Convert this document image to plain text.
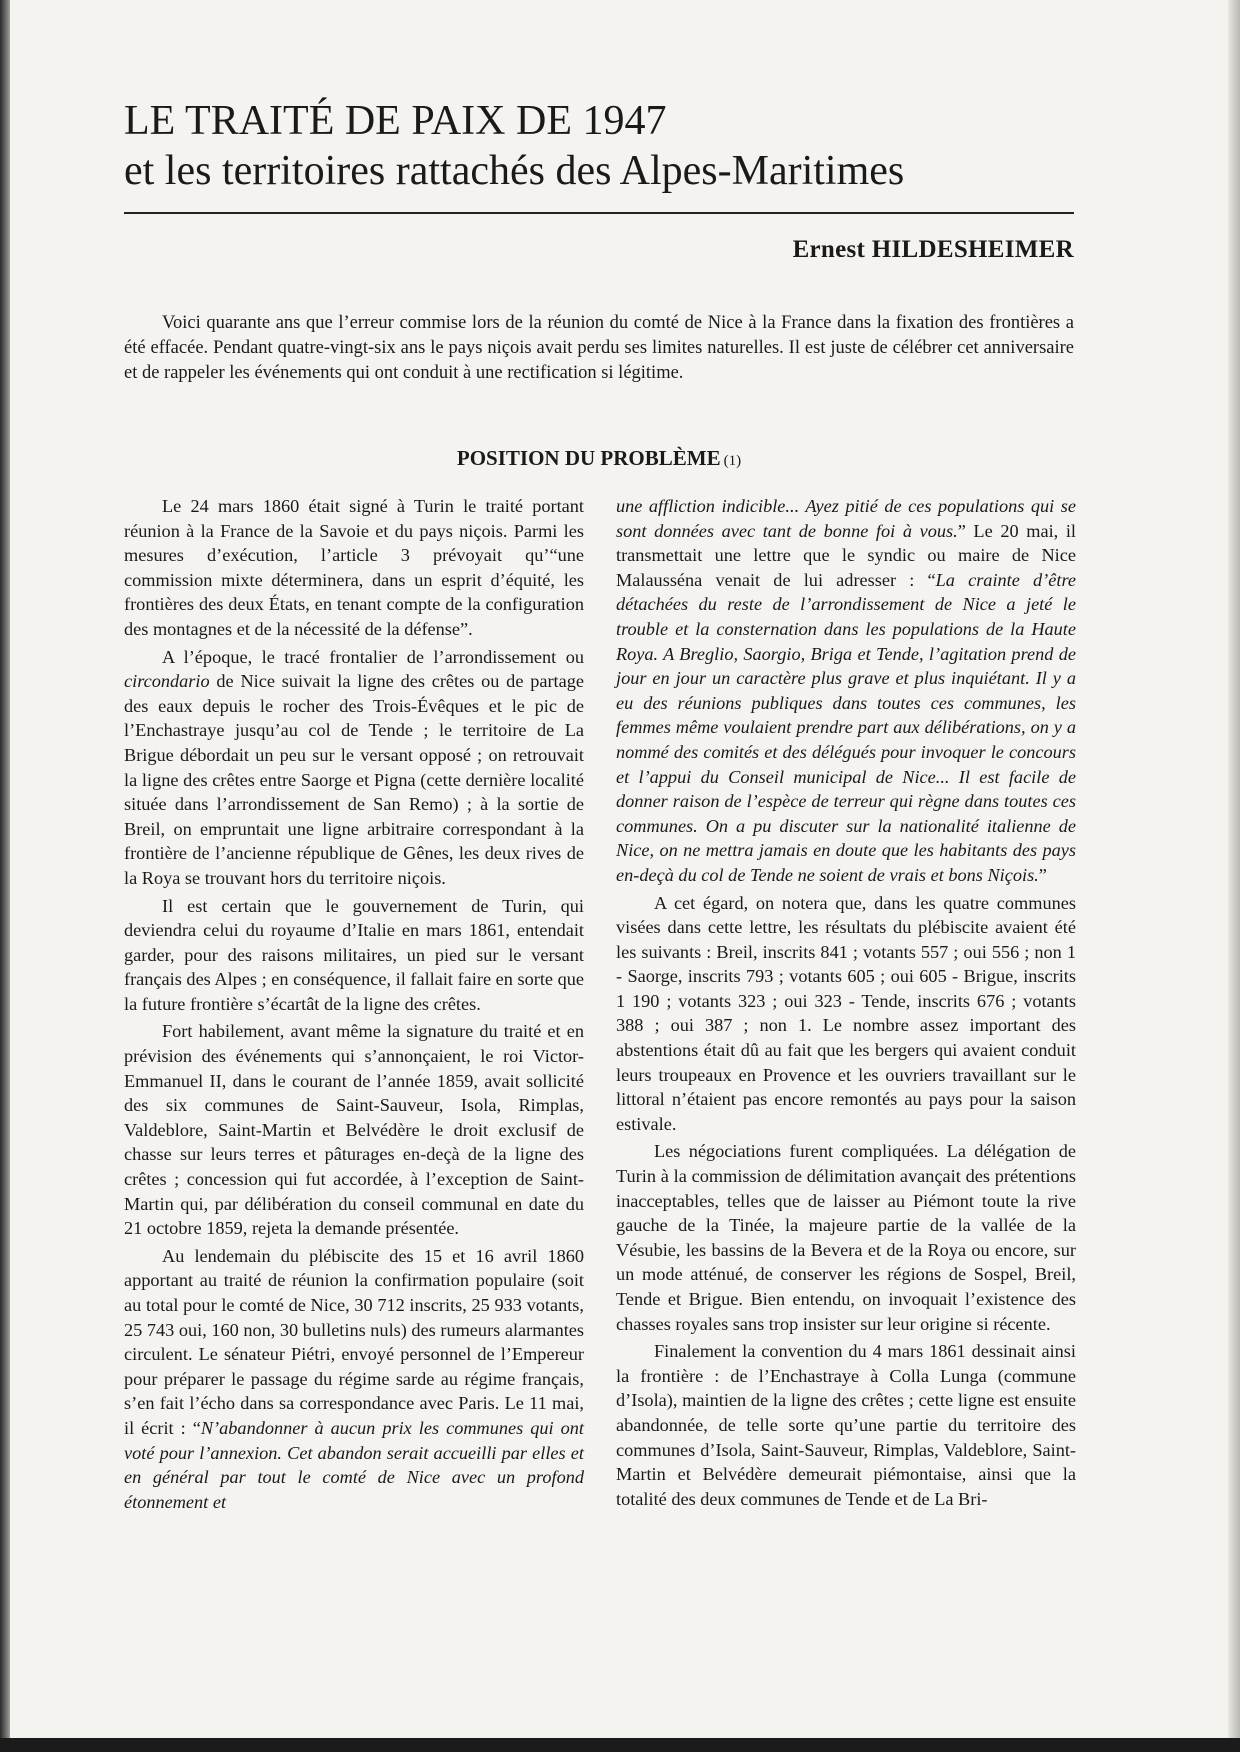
LE TRAITÉ DE PAIX DE 1947
et les territoires rattachés des Alpes-Maritimes
Ernest HILDESHEIMER

Voici quarante ans que l’erreur commise lors de la réunion du comté de Nice à la France dans la fixation des frontières a été effacée. Pendant quatre-vingt-six ans le pays niçois avait perdu ses limites naturelles. Il est juste de célébrer cet anniversaire et de rappeler les événements qui ont conduit à une rectification si légitime.

POSITION DU PROBLÈME (1)

Le 24 mars 1860 était signé à Turin le traité portant réunion à la France de la Savoie et du pays niçois. Parmi les mesures d’exécution, l’article 3 prévoyait qu’“une commission mixte déterminera, dans un esprit d’équité, les frontières des deux États, en tenant compte de la configuration des montagnes et de la nécessité de la défense”.

A l’époque, le tracé frontalier de l’arrondissement ou circondario de Nice suivait la ligne des crêtes ou de partage des eaux depuis le rocher des Trois-Évêques et le pic de l’Enchastraye jusqu’au col de Tende ; le territoire de La Brigue débordait un peu sur le versant opposé ; on retrouvait la ligne des crêtes entre Saorge et Pigna (cette dernière localité située dans l’arrondissement de San Remo) ; à la sortie de Breil, on empruntait une ligne arbitraire correspondant à la frontière de l’ancienne république de Gênes, les deux rives de la Roya se trouvant hors du territoire niçois.

Il est certain que le gouvernement de Turin, qui deviendra celui du royaume d’Italie en mars 1861, entendait garder, pour des raisons militaires, un pied sur le versant français des Alpes ; en conséquence, il fallait faire en sorte que la future frontière s’écartât de la ligne des crêtes.

Fort habilement, avant même la signature du traité et en prévision des événements qui s’annonçaient, le roi Victor-Emmanuel II, dans le courant de l’année 1859, avait sollicité des six communes de Saint-Sauveur, Isola, Rimplas, Valdeblore, Saint-Martin et Belvédère le droit exclusif de chasse sur leurs terres et pâturages en-deçà de la ligne des crêtes ; concession qui fut accordée, à l’exception de Saint-Martin qui, par délibération du conseil communal en date du 21 octobre 1859, rejeta la demande présentée.

Au lendemain du plébiscite des 15 et 16 avril 1860 apportant au traité de réunion la confirmation populaire (soit au total pour le comté de Nice, 30 712 inscrits, 25 933 votants, 25 743 oui, 160 non, 30 bulletins nuls) des rumeurs alarmantes circulent. Le sénateur Piétri, envoyé personnel de l’Empereur pour préparer le passage du régime sarde au régime français, s’en fait l’écho dans sa correspondance avec Paris. Le 11 mai, il écrit : “N’abandonner à aucun prix les communes qui ont voté pour l’annexion. Cet abandon serait accueilli par elles et en général par tout le comté de Nice avec un profond étonnement et

une affliction indicible... Ayez pitié de ces populations qui se sont données avec tant de bonne foi à vous.” Le 20 mai, il transmettait une lettre que le syndic ou maire de Nice Malausséna venait de lui adresser : “La crainte d’être détachées du reste de l’arrondissement de Nice a jeté le trouble et la consternation dans les populations de la Haute Roya. A Breglio, Saorgio, Briga et Tende, l’agitation prend de jour en jour un caractère plus grave et plus inquiétant. Il y a eu des réunions publiques dans toutes ces communes, les femmes même voulaient prendre part aux délibérations, on y a nommé des comités et des délégués pour invoquer le concours et l’appui du Conseil municipal de Nice... Il est facile de donner raison de l’espèce de terreur qui règne dans toutes ces communes. On a pu discuter sur la nationalité italienne de Nice, on ne mettra jamais en doute que les habitants des pays en-deçà du col de Tende ne soient de vrais et bons Niçois.”

A cet égard, on notera que, dans les quatre communes visées dans cette lettre, les résultats du plébiscite avaient été les suivants : Breil, inscrits 841 ; votants 557 ; oui 556 ; non 1 - Saorge, inscrits 793 ; votants 605 ; oui 605 - Brigue, inscrits 1 190 ; votants 323 ; oui 323 - Tende, inscrits 676 ; votants 388 ; oui 387 ; non 1. Le nombre assez important des abstentions était dû au fait que les bergers qui avaient conduit leurs troupeaux en Provence et les ouvriers travaillant sur le littoral n’étaient pas encore remontés au pays pour la saison estivale.

Les négociations furent compliquées. La délégation de Turin à la commission de délimitation avançait des prétentions inacceptables, telles que de laisser au Piémont toute la rive gauche de la Tinée, la majeure partie de la vallée de la Vésubie, les bassins de la Bevera et de la Roya ou encore, sur un mode atténué, de conserver les régions de Sospel, Breil, Tende et Brigue. Bien entendu, on invoquait l’existence des chasses royales sans trop insister sur leur origine si récente.

Finalement la convention du 4 mars 1861 dessinait ainsi la frontière : de l’Enchastraye à Colla Lunga (commune d’Isola), maintien de la ligne des crêtes ; cette ligne est ensuite abandonnée, de telle sorte qu’une partie du territoire des communes d’Isola, Saint-Sauveur, Rimplas, Valdeblore, Saint-Martin et Belvédère demeurait piémontaise, ainsi que la totalité des deux communes de Tende et de La Bri-
